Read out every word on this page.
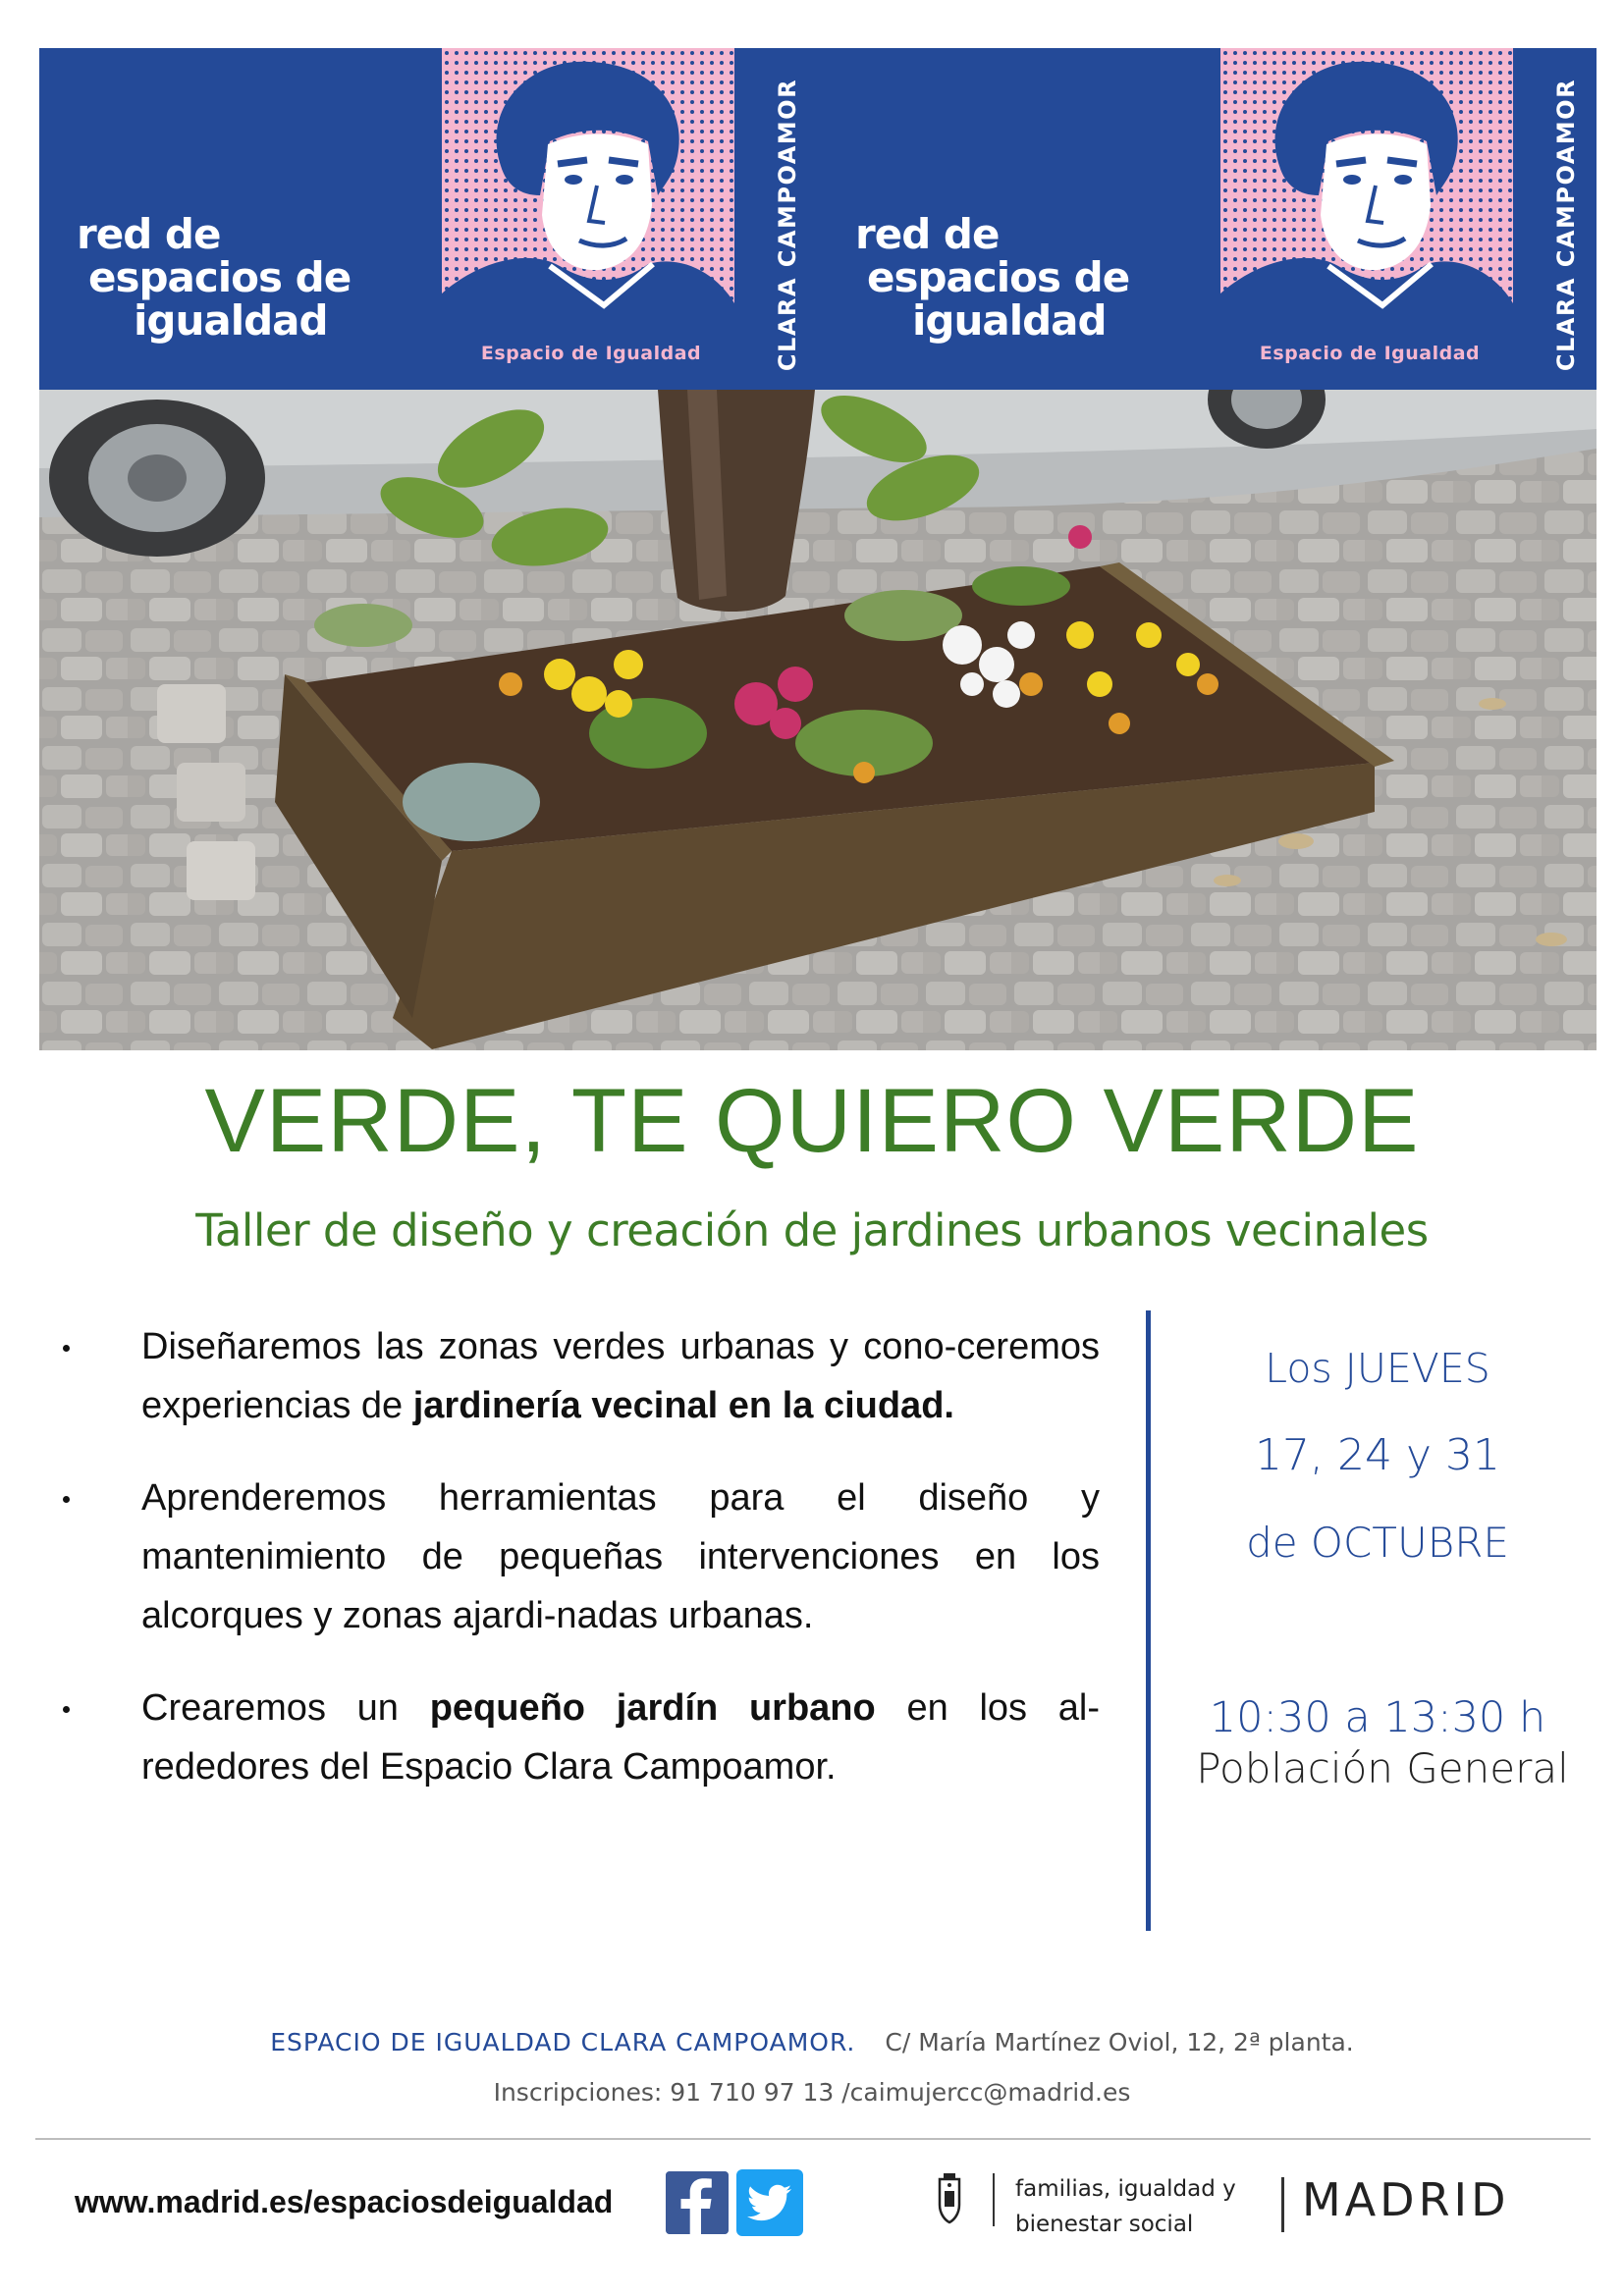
red de
espacios de
igualdad
Espacio de Igualdad	CLARA CAMPOAMOR red de
espacios de
igualdad
Espacio de Igualdad	CLARA CAMPOAMOR
VERDE, TE QUIERO VERDE
Taller de diseño y creación de jardines urbanos vecinales
Diseñaremos las zonas verdes urbanas y cono-ceremos experiencias de jardinería vecinal en la ciudad.
Aprenderemos herramientas para el diseño y mantenimiento de pequeñas intervenciones en los alcorques y zonas ajardi-nadas urbanas.
Crearemos un pequeño jardín urbano en los al-rededores del Espacio Clara Campoamor.
Los JUEVES
17, 24 y 31
de OCTUBRE
10:30 a 13:30 h
Población General
ESPACIO DE IGUALDAD CLARA CAMPOAMOR. C/ María Martínez Oviol, 12, 2ª planta.
Inscripciones: 91 710 97 13 /caimujercc@madrid.es
www.madrid.es/espaciosdeigualdad	familias, igualdad y
bienestar social	MADRID
